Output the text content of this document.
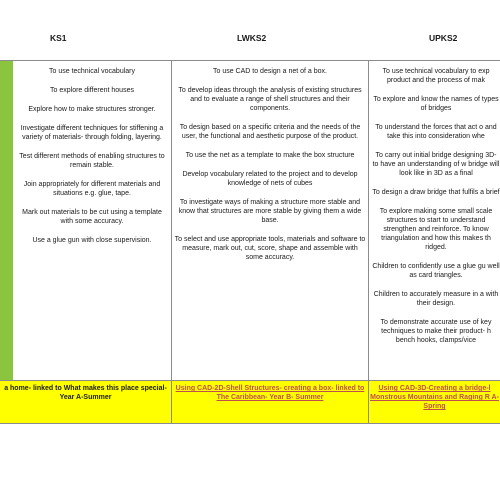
KS1	LWKS2	UPKS2

To use technical vocabulary

To explore different houses

Explore how to make structures stronger.

Investigate different techniques for stiffening a variety of materials- through folding, layering.

Test different methods of enabling structures to remain stable.

Join appropriately for different materials and situations e.g. glue, tape.

Mark out materials to be cut using a template with some accuracy.

Use a glue gun with close supervision.

To use CAD to design a net of a box.

To develop ideas through the analysis of existing structures and to evaluate a range of shell structures and their components.

To design based on a specific criteria and the needs of the user, the functional and aesthetic purpose of the product.

To use the net as a template to make the box structure

Develop vocabulary related to the project and to develop knowledge of nets of cubes

To investigate ways of making a structure more stable and know that structures are more stable by giving them a wide base.

To select and use appropriate tools, materials and software to measure, mark out, cut, score, shape and assemble with some accuracy.

To use technical vocabulary to exp product and the process of mak

To explore and know the names of types of bridges

To understand the forces that act o and take this into consideration whe

To carry out initial bridge designing 3D- to have an understanding of w bridge will look like in 3D as a final

To design a draw bridge that fulfils a brief

To explore making some small scale structures to start to understand strengthen and reinforce. To know triangulation and how this makes th ridged.

Children to confidently use a glue gu well as card triangles.

Children to accurately measure in a with their design.

To demonstrate accurate use of key techniques to make their product- h bench hooks, clamps/vice

a home- linked to What makes this place special- Year A-Summer
Using CAD-2D-Shell Structures- creating a box- linked to The Caribbean- Year B- Summer
Using CAD-3D-Creating a bridge-l Monstrous Mountains and Raging R A- Spring
